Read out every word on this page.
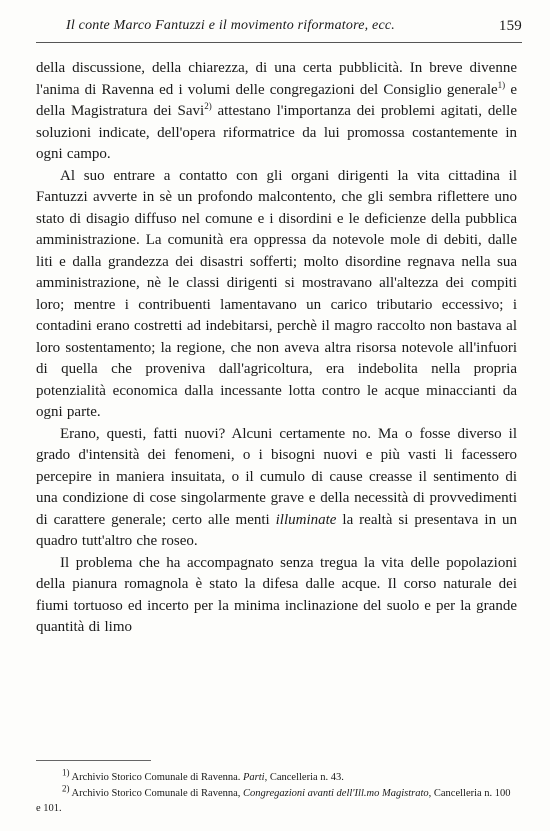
Il conte Marco Fantuzzi e il movimento riformatore, ecc.	159

della discussione, della chiarezza, di una certa pubblicità. In breve divenne l'anima di Ravenna ed i volumi delle congregazioni del Consiglio generale$^{1)}$ e della Magistratura dei Savi$^{2)}$ attestano l'importanza dei problemi agitati, delle soluzioni indicate, dell'opera riformatrice da lui promossa costantemente in ogni campo.

Al suo entrare a contatto con gli organi dirigenti la vita cittadina il Fantuzzi avverte in sè un profondo malcontento, che gli sembra riflettere uno stato di disagio diffuso nel comune e i disordini e le deficienze della pubblica amministrazione. La comunità era oppressa da notevole mole di debiti, dalle liti e dalla grandezza dei disastri sofferti; molto disordine regnava nella sua amministrazione, nè le classi dirigenti si mostravano all'altezza dei compiti loro; mentre i contribuenti lamentavano un carico tributario eccessivo; i contadini erano costretti ad indebitarsi, perchè il magro raccolto non bastava al loro sostentamento; la regione, che non aveva altra risorsa notevole all'infuori di quella che proveniva dall'agricoltura, era indebolita nella propria potenzialità economica dalla incessante lotta contro le acque minaccianti da ogni parte.

Erano, questi, fatti nuovi? Alcuni certamente no. Ma o fosse diverso il grado d'intensità dei fenomeni, o i bisogni nuovi e più vasti li facessero percepire in maniera insuitata, o il cumulo di cause creasse il sentimento di una condizione di cose singolarmente grave e della necessità di provvedimenti di carattere generale; certo alle menti illuminate la realtà si presentava in un quadro tutt'altro che roseo.

Il problema che ha accompagnato senza tregua la vita delle popolazioni della pianura romagnola è stato la difesa dalle acque. Il corso naturale dei fiumi tortuoso ed incerto per la minima inclinazione del suolo e per la grande quantità di limo

1) Archivio Storico Comunale di Ravenna. Parti, Cancelleria n. 43.

2) Archivio Storico Comunale di Ravenna, Congregazioni avanti dell'Ill.mo Magistrato, Cancelleria n. 100 e 101.
